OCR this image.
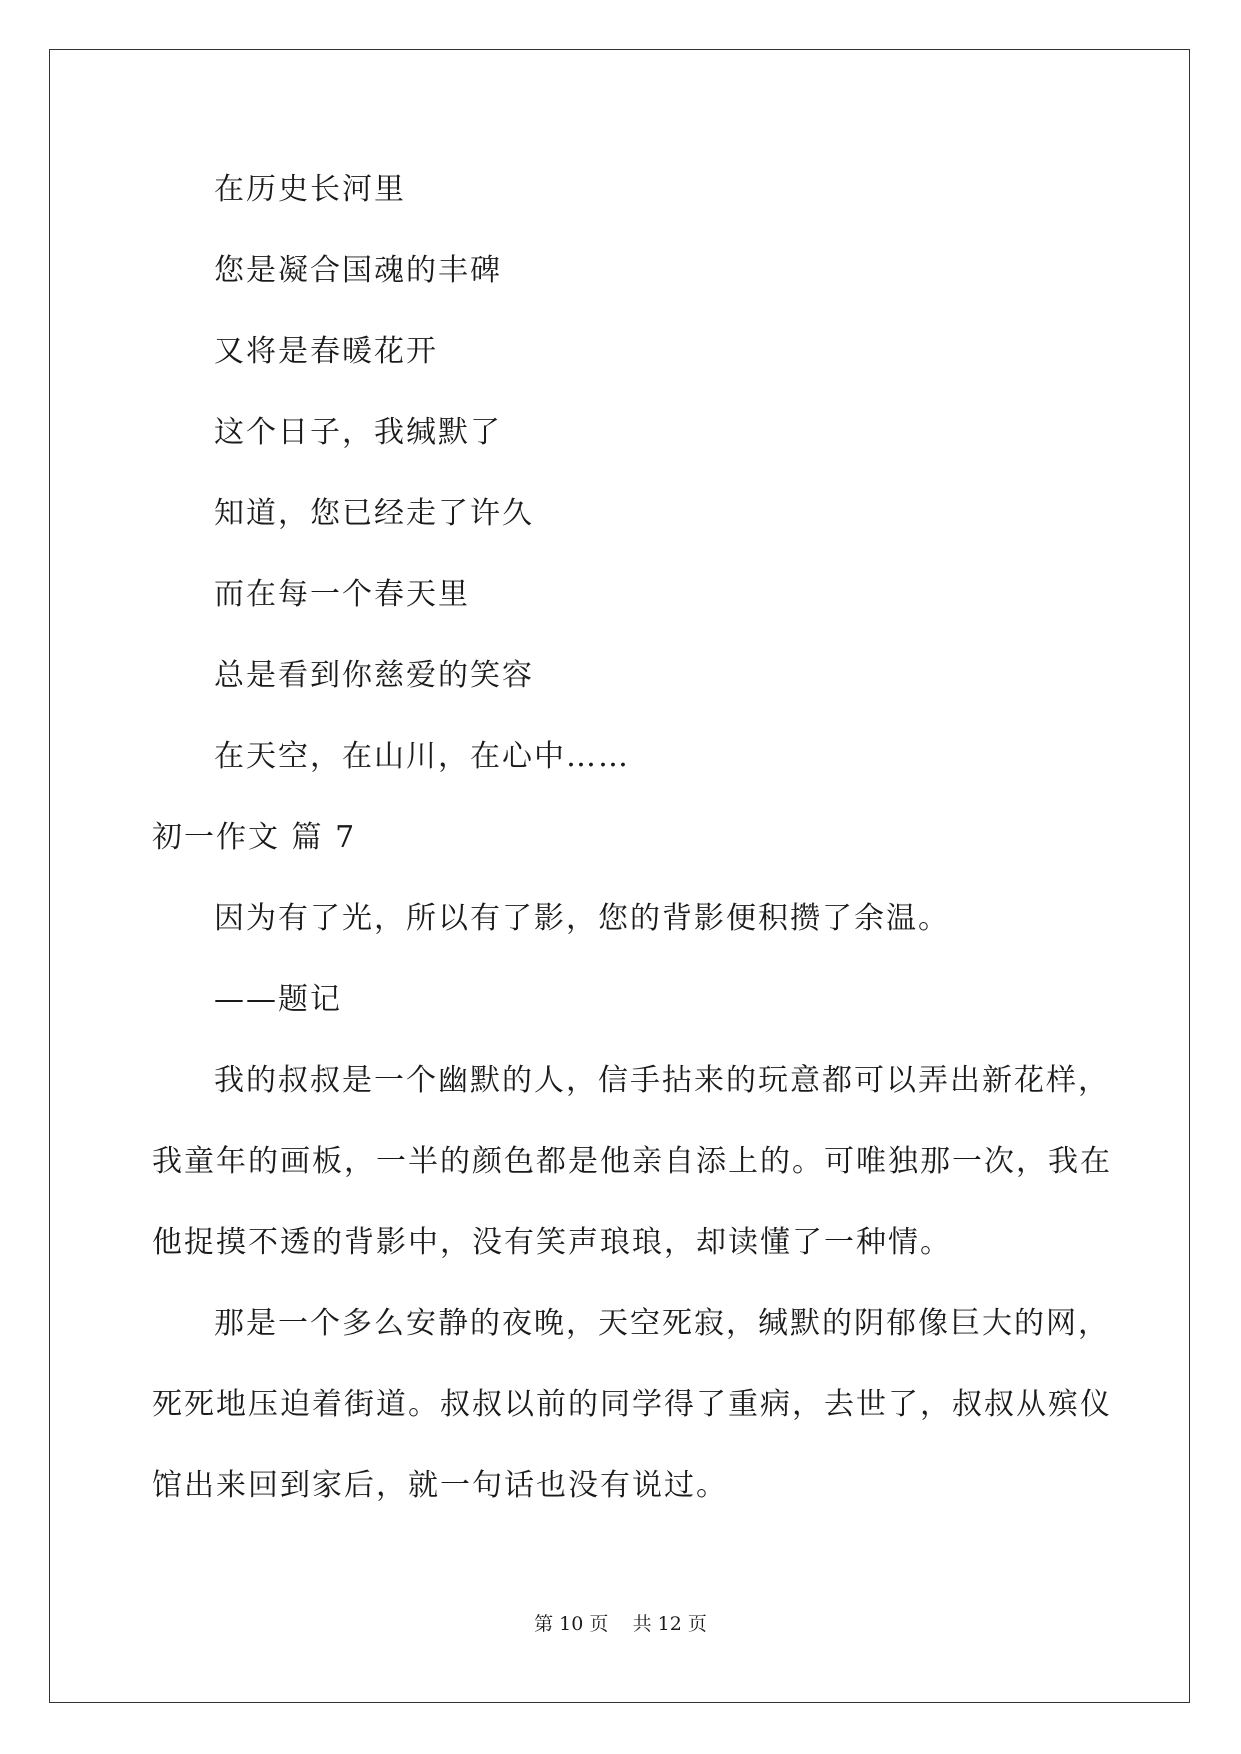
在历史长河里
您是凝合国魂的丰碑
又将是春暖花开
这个日子，我缄默了
知道，您已经走了许久
而在每一个春天里
总是看到你慈爱的笑容
在天空，在山川，在心中……
初一作文 篇 7
因为有了光，所以有了影，您的背影便积攒了余温。
——题记
我的叔叔是一个幽默的人，信手拈来的玩意都可以弄出新花样，
我童年的画板，一半的颜色都是他亲自添上的。可唯独那一次，我在
他捉摸不透的背影中，没有笑声琅琅，却读懂了一种情。
那是一个多么安静的夜晚，天空死寂，缄默的阴郁像巨大的网，
死死地压迫着街道。叔叔以前的同学得了重病，去世了，叔叔从殡仪
馆出来回到家后，就一句话也没有说过。
第 10 页 共 12 页
